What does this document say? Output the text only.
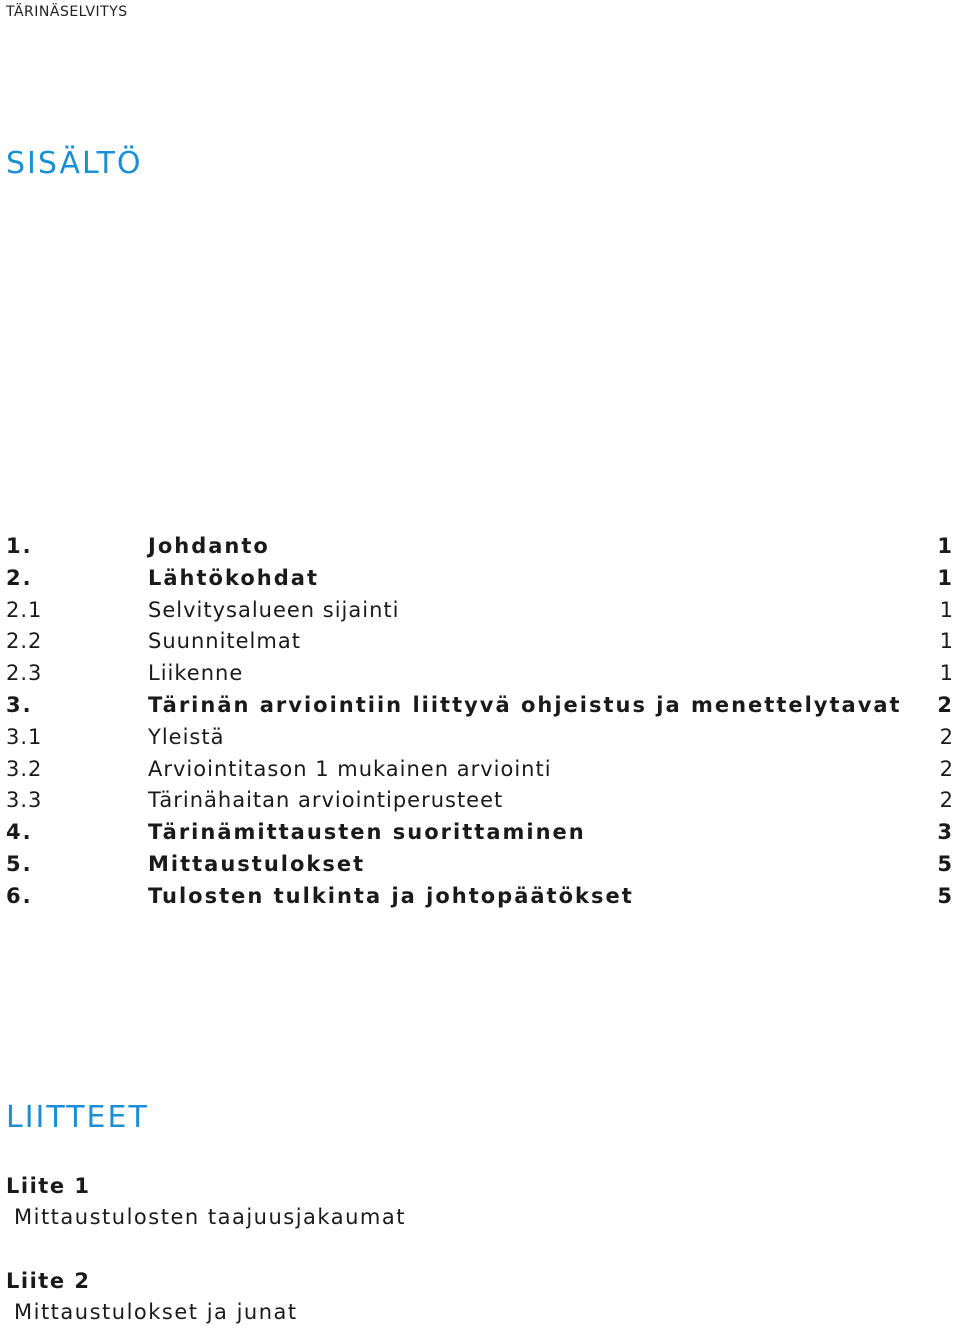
TÄRINÄSELVITYS
SISÄLTÖ
1.	Johdanto	1
2.	Lähtökohdat	1
2.1	Selvitysalueen sijainti	1
2.2	Suunnitelmat	1
2.3	Liikenne	1
3.	Tärinän arviointiin liittyvä ohjeistus ja menettelytavat 2
3.1	Yleistä	2
3.2	Arviointitason 1 mukainen arviointi	2
3.3	Tärinähaitan arviointiperusteet	2
4.	Tärinämittausten suorittaminen	3
5.	Mittaustulokset	5
6.	Tulosten tulkinta ja johtopäätökset	5
LIITTEET
Liite 1
Mittaustulosten taajuusjakaumat
Liite 2
Mittaustulokset ja junat
